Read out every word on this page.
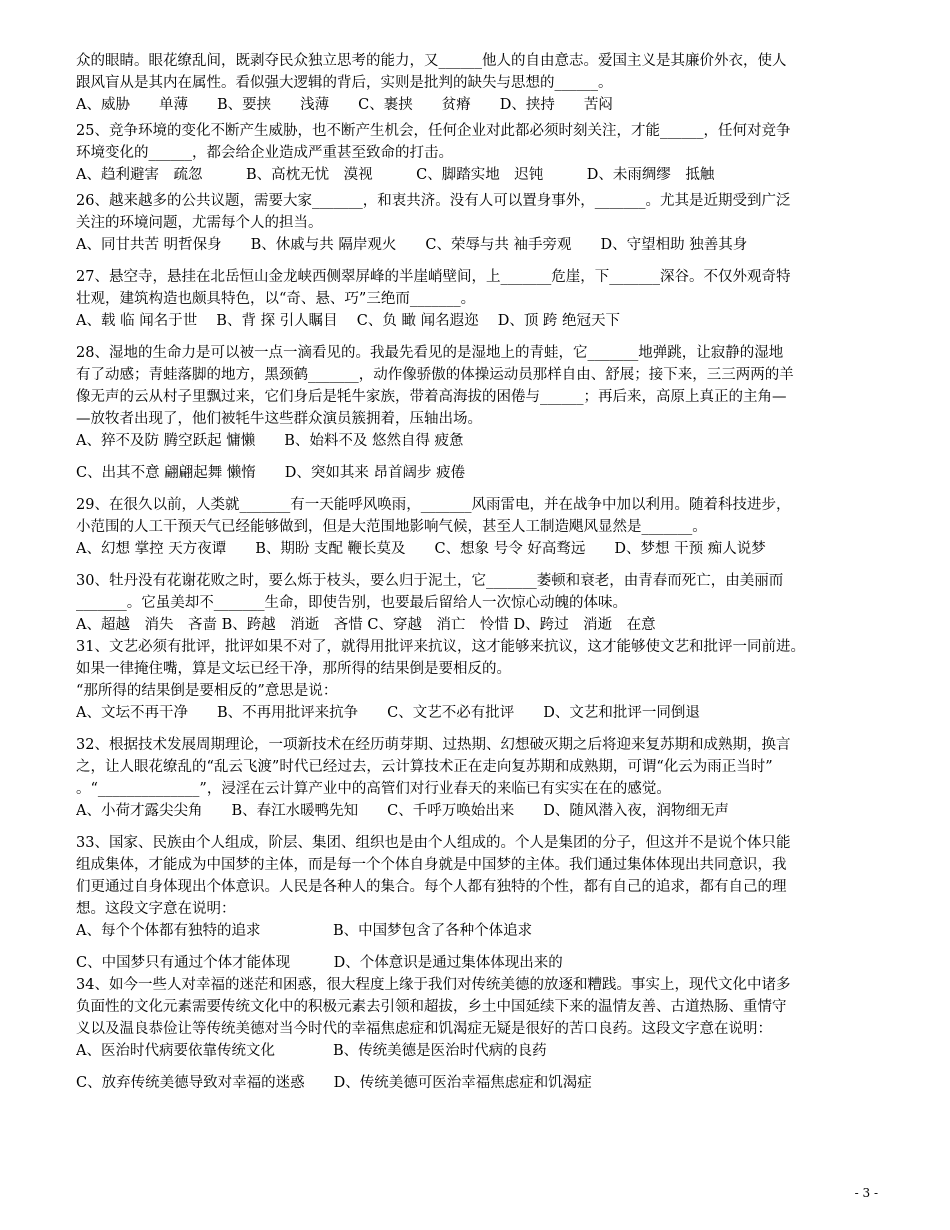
众的眼睛。眼花缭乱间，既剥夺民众独立思考的能力，又______他人的自由意志。爱国主义是其廉价外衣，使人
跟风盲从是其内在属性。看似强大逻辑的背后，实则是批判的缺失与思想的______。
A、威胁　　单薄　　B、要挟　　浅薄　　C、裹挟　　贫瘠　　D、挟持　　苦闷
25、竞争环境的变化不断产生威胁，也不断产生机会，任何企业对此都必须时刻关注，才能______，任何对竞争
环境变化的______，都会给企业造成严重甚至致命的打击。
A、趋利避害　疏忽　　　B、高枕无忧　漠视　　　C、脚踏实地　迟钝　　　D、未雨绸缪　抵触
26、越来越多的公共议题，需要大家_______，和衷共济。没有人可以置身事外，_______。尤其是近期受到广泛
关注的环境问题，尤需每个人的担当。
A、同甘共苦 明哲保身　　B、休戚与共 隔岸观火　　C、荣辱与共 袖手旁观　　D、守望相助 独善其身
27、悬空寺，悬挂在北岳恒山金龙峡西侧翠屏峰的半崖峭壁间，上_______危崖，下_______深谷。不仅外观奇特
壮观，建筑构造也颇具特色，以“奇、悬、巧”三绝而_______。
A、载 临 闻名于世　 B、背 探 引人瞩目　 C、负 瞰 闻名遐迩　 D、顶 跨 绝冠天下
28、湿地的生命力是可以被一点一滴看见的。我最先看见的是湿地上的青蛙，它_______地弹跳，让寂静的湿地
有了动感；青蛙落脚的地方，黑颈鹤_______，动作像骄傲的体操运动员那样自由、舒展；接下来，三三两两的羊
像无声的云从村子里飘过来，它们身后是牦牛家族，带着高海拔的困倦与______；再后来，高原上真正的主角—
—放牧者出现了，他们被牦牛这些群众演员簇拥着，压轴出场。
A、猝不及防 腾空跃起 慵懒　　B、始料不及 悠然自得 疲惫
C、出其不意 翩翩起舞 懒惰　　D、突如其来 昂首阔步 疲倦
29、在很久以前，人类就_______有一天能呼风唤雨，_______风雨雷电，并在战争中加以利用。随着科技进步，
小范围的人工干预天气已经能够做到，但是大范围地影响气候，甚至人工制造飓风显然是_______。
A、幻想 掌控 天方夜谭　　B、期盼 支配 鞭长莫及　　C、想象 号令 好高骛远　　D、梦想 干预 痴人说梦
30、牡丹没有花谢花败之时，要么烁于枝头，要么归于泥土，它_______萎顿和衰老，由青春而死亡，由美丽而
_______。它虽美却不_______生命，即使告别，也要最后留给人一次惊心动魄的体味。
A、超越　消失　吝啬 B、跨越　消逝　吝惜 C、穿越　消亡　怜惜 D、跨过　消逝　在意
31、文艺必须有批评，批评如果不对了，就得用批评来抗议，这才能够来抗议，这才能够使文艺和批评一同前进。
如果一律掩住嘴，算是文坛已经干净，那所得的结果倒是要相反的。
“那所得的结果倒是要相反的”意思是说：
A、文坛不再干净　　B、不再用批评来抗争　　C、文艺不必有批评　　D、文艺和批评一同倒退
32、根据技术发展周期理论，一项新技术在经历萌芽期、过热期、幻想破灭期之后将迎来复苏期和成熟期，换言
之，让人眼花缭乱的“乱云飞渡”时代已经过去，云计算技术正在走向复苏期和成熟期，可谓“化云为雨正当时”
。“______________”，浸淫在云计算产业中的高管们对行业春天的来临已有实实在在的感觉。
A、小荷才露尖尖角　　B、春江水暖鸭先知　　C、千呼万唤始出来　　D、随风潜入夜，润物细无声
33、国家、民族由个人组成，阶层、集团、组织也是由个人组成的。个人是集团的分子，但这并不是说个体只能
组成集体，才能成为中国梦的主体，而是每一个个体自身就是中国梦的主体。我们通过集体体现出共同意识，我
们更通过自身体现出个体意识。人民是各种人的集合。每个人都有独特的个性，都有自己的追求，都有自己的理
想。这段文字意在说明：
A、每个个体都有独特的追求　　　　　B、中国梦包含了各种个体追求
C、中国梦只有通过个体才能体现　　　D、个体意识是通过集体体现出来的
34、如今一些人对幸福的迷茫和困惑，很大程度上缘于我们对传统美德的放逐和糟践。事实上，现代文化中诸多
负面性的文化元素需要传统文化中的积极元素去引领和超拔，乡土中国延续下来的温情友善、古道热肠、重情守
义以及温良恭俭让等传统美德对当今时代的幸福焦虑症和饥渴症无疑是很好的苦口良药。这段文字意在说明：
A、医治时代病要依靠传统文化　　　　B、传统美德是医治时代病的良药
C、放弃传统美德导致对幸福的迷惑　　D、传统美德可医治幸福焦虑症和饥渴症
- 3 -
